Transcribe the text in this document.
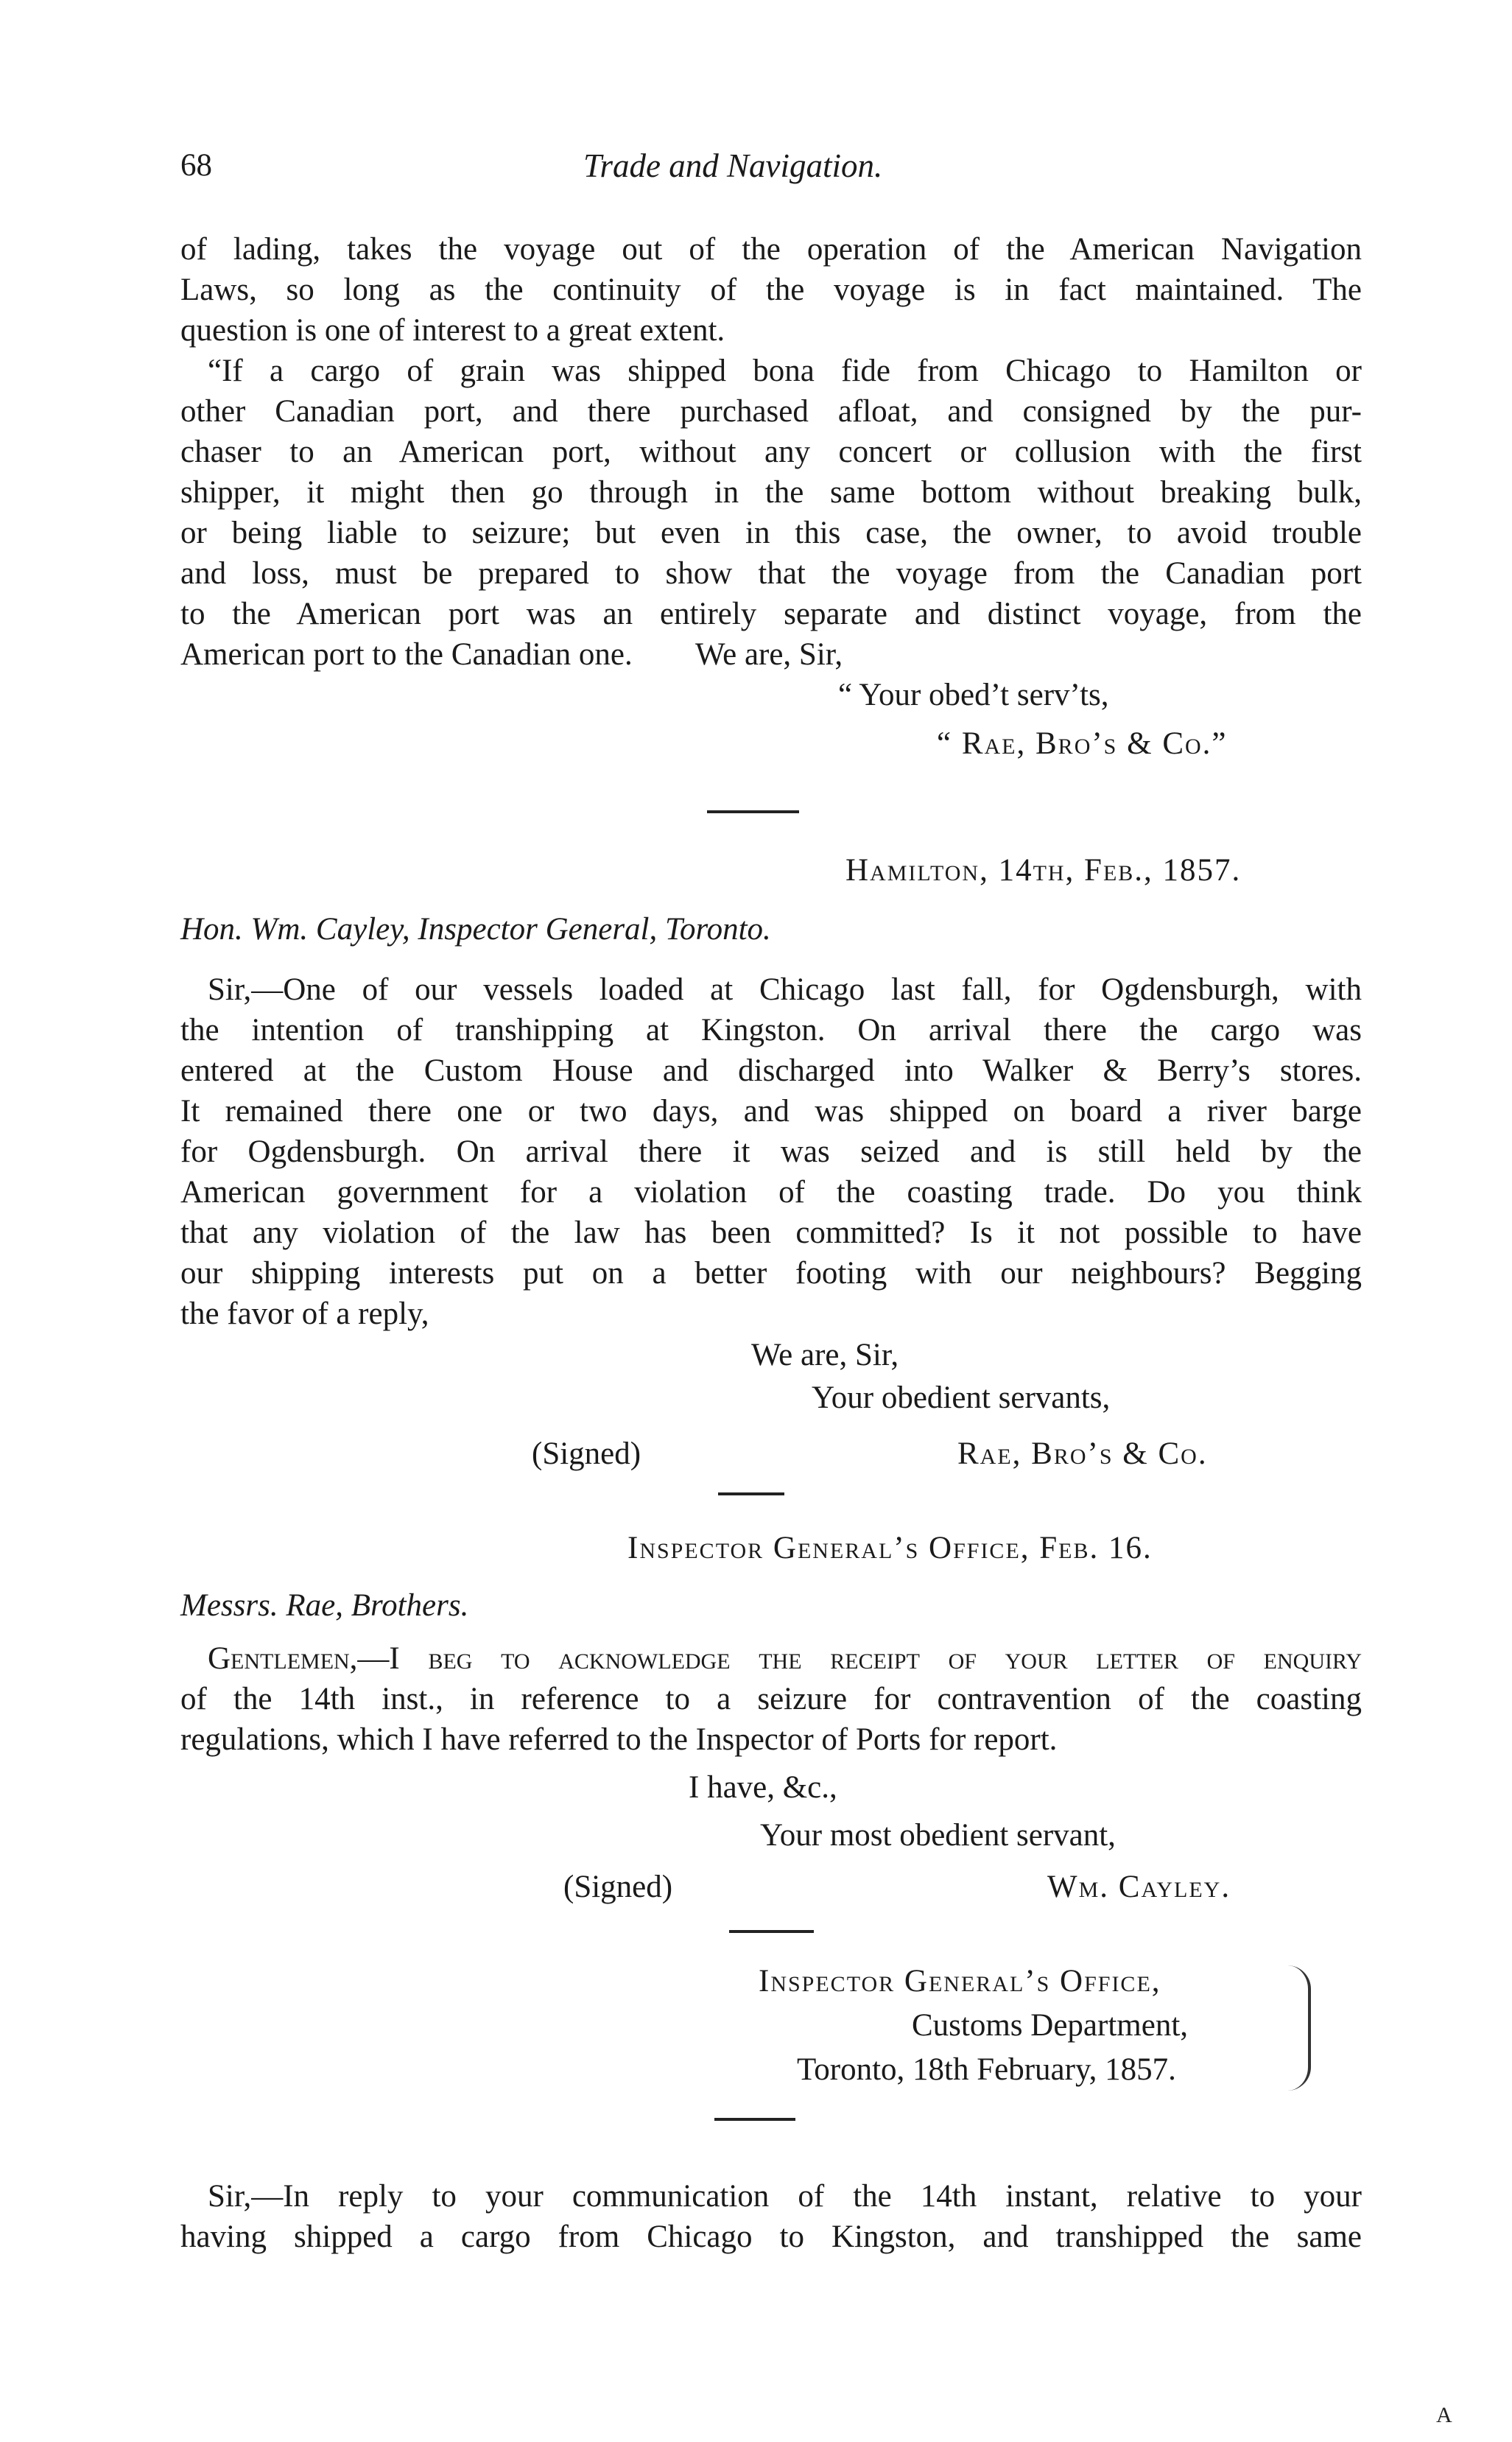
68	Trade and Navigation.
of lading, takes the voyage out of the operation of the American Navigation
Laws, so long as the continuity of the voyage is in fact maintained. The
question is one of interest to a great extent.
“If a cargo of grain was shipped bona fide from Chicago to Hamilton or
other Canadian port, and there purchased afloat, and consigned by the pur-
chaser to an American port, without any concert or collusion with the first
shipper, it might then go through in the same bottom without breaking bulk,
or being liable to seizure; but even in this case, the owner, to avoid trouble
and loss, must be prepared to show that the voyage from the Canadian port
to the American port was an entirely separate and distinct voyage, from the
American port to the Canadian one.        We are, Sir,
“ Your obed’t serv’ts,
“ Rae, Bro’s & Co.”
Hamilton, 14th, Feb., 1857.
Hon. Wm. Cayley, Inspector General, Toronto.
Sir,—One of our vessels loaded at Chicago last fall, for Ogdensburgh, with
the intention of transhipping at Kingston. On arrival there the cargo was
entered at the Custom House and discharged into Walker & Berry’s stores.
It remained there one or two days, and was shipped on board a river barge
for Ogdensburgh. On arrival there it was seized and is still held by the
American government for a violation of the coasting trade. Do you think
that any violation of the law has been committed? Is it not possible to have
our shipping interests put on a better footing with our neighbours? Begging
the favor of a reply,
We are, Sir,
Your obedient servants,
(Signed)	Rae, Bro’s & Co.
Inspector General’s Office, Feb. 16.
Messrs. Rae, Brothers.
Gentlemen,—I beg to acknowledge the receipt of your letter of enquiry
of the 14th inst., in reference to a seizure for contravention of the coasting
regulations, which I have referred to the Inspector of Ports for report.
I have, &c.,
Your most obedient servant,
(Signed)	Wm. Cayley.
Inspector General’s Office,
Customs Department,
Toronto, 18th February, 1857.
Sir,—In reply to your communication of the 14th instant, relative to your
having shipped a cargo from Chicago to Kingston, and transhipped the same
A
